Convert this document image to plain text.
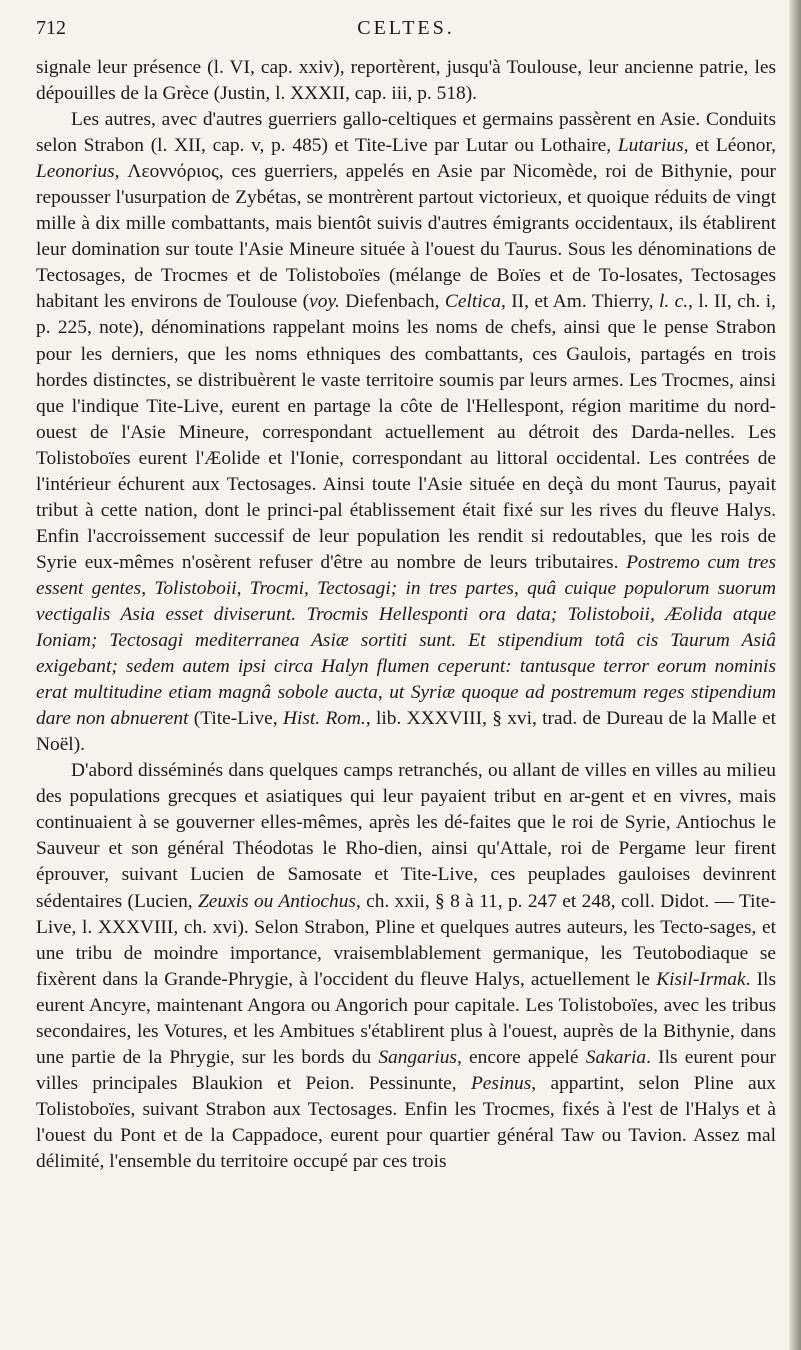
712	CELTES.

signale leur présence (l. VI, cap. xxiv), reportèrent, jusqu'à Toulouse, leur ancienne patrie, les dépouilles de la Grèce (Justin, l. XXXII, cap. iii, p. 518).

Les autres, avec d'autres guerriers gallo-celtiques et germains passèrent en Asie. Conduits selon Strabon (l. XII, cap. v, p. 485) et Tite-Live par Lutar ou Lothaire, Lutarius, et Léonor, Leonorius, Λεοννόριος, ces guerriers, appelés en Asie par Nicomède, roi de Bithynie, pour repousser l'usurpation de Zybétas, se montrèrent partout victorieux, et quoique réduits de vingt mille à dix mille combattants, mais bientôt suivis d'autres émigrants occidentaux, ils établirent leur domination sur toute l'Asie Mineure située à l'ouest du Taurus. Sous les dénominations de Tectosages, de Trocmes et de Tolistoboïes (mélange de Boïes et de To-losates, Tectosages habitant les environs de Toulouse (voy. Diefenbach, Celtica, II, et Am. Thierry, l. c., l. II, ch. i, p. 225, note), dénominations rappelant moins les noms de chefs, ainsi que le pense Strabon pour les derniers, que les noms ethniques des combattants, ces Gaulois, partagés en trois hordes distinctes, se distribuèrent le vaste territoire soumis par leurs armes. Les Trocmes, ainsi que l'indique Tite-Live, eurent en partage la côte de l'Hellespont, région maritime du nord-ouest de l'Asie Mineure, correspondant actuellement au détroit des Darda-nelles. Les Tolistoboïes eurent l'Æolide et l'Ionie, correspondant au littoral occidental. Les contrées de l'intérieur échurent aux Tectosages. Ainsi toute l'Asie située en deçà du mont Taurus, payait tribut à cette nation, dont le princi-pal établissement était fixé sur les rives du fleuve Halys. Enfin l'accroissement successif de leur population les rendit si redoutables, que les rois de Syrie eux-mêmes n'osèrent refuser d'être au nombre de leurs tributaires. Postremo cum tres essent gentes, Tolistoboii, Trocmi, Tectosagi; in tres partes, quâ cuique populorum suorum vectigalis Asia esset diviserunt. Trocmis Hellesponti ora data; Tolistoboii, Æolida atque Ioniam; Tectosagi mediterranea Asiæ sortiti sunt. Et stipendium totâ cis Taurum Asiâ exigebant; sedem autem ipsi circa Halyn flumen ceperunt: tantusque terror eorum nominis erat multitudine etiam magnâ sobole aucta, ut Syriæ quoque ad postremum reges stipendium dare non abnuerent (Tite-Live, Hist. Rom., lib. XXXVIII, § xvi, trad. de Dureau de la Malle et Noël).

D'abord disséminés dans quelques camps retranchés, ou allant de villes en villes au milieu des populations grecques et asiatiques qui leur payaient tribut en ar-gent et en vivres, mais continuaient à se gouverner elles-mêmes, après les dé-faites que le roi de Syrie, Antiochus le Sauveur et son général Théodotas le Rho-dien, ainsi qu'Attale, roi de Pergame leur firent éprouver, suivant Lucien de Samosate et Tite-Live, ces peuplades gauloises devinrent sédentaires (Lucien, Zeuxis ou Antiochus, ch. xxii, § 8 à 11, p. 247 et 248, coll. Didot. — Tite-Live, l. XXXVIII, ch. xvi). Selon Strabon, Pline et quelques autres auteurs, les Tecto-sages, et une tribu de moindre importance, vraisemblablement germanique, les Teutobodiaque se fixèrent dans la Grande-Phrygie, à l'occident du fleuve Halys, actuellement le Kisil-Irmak. Ils eurent Ancyre, maintenant Angora ou Angorich pour capitale. Les Tolistoboïes, avec les tribus secondaires, les Votures, et les Ambitues s'établirent plus à l'ouest, auprès de la Bithynie, dans une partie de la Phrygie, sur les bords du Sangarius, encore appelé Sakaria. Ils eurent pour villes principales Blaukion et Peion. Pessinunte, Pesinus, appartint, selon Pline aux Tolistoboïes, suivant Strabon aux Tectosages. Enfin les Trocmes, fixés à l'est de l'Halys et à l'ouest du Pont et de la Cappadoce, eurent pour quartier général Taw ou Tavion. Assez mal délimité, l'ensemble du territoire occupé par ces trois
